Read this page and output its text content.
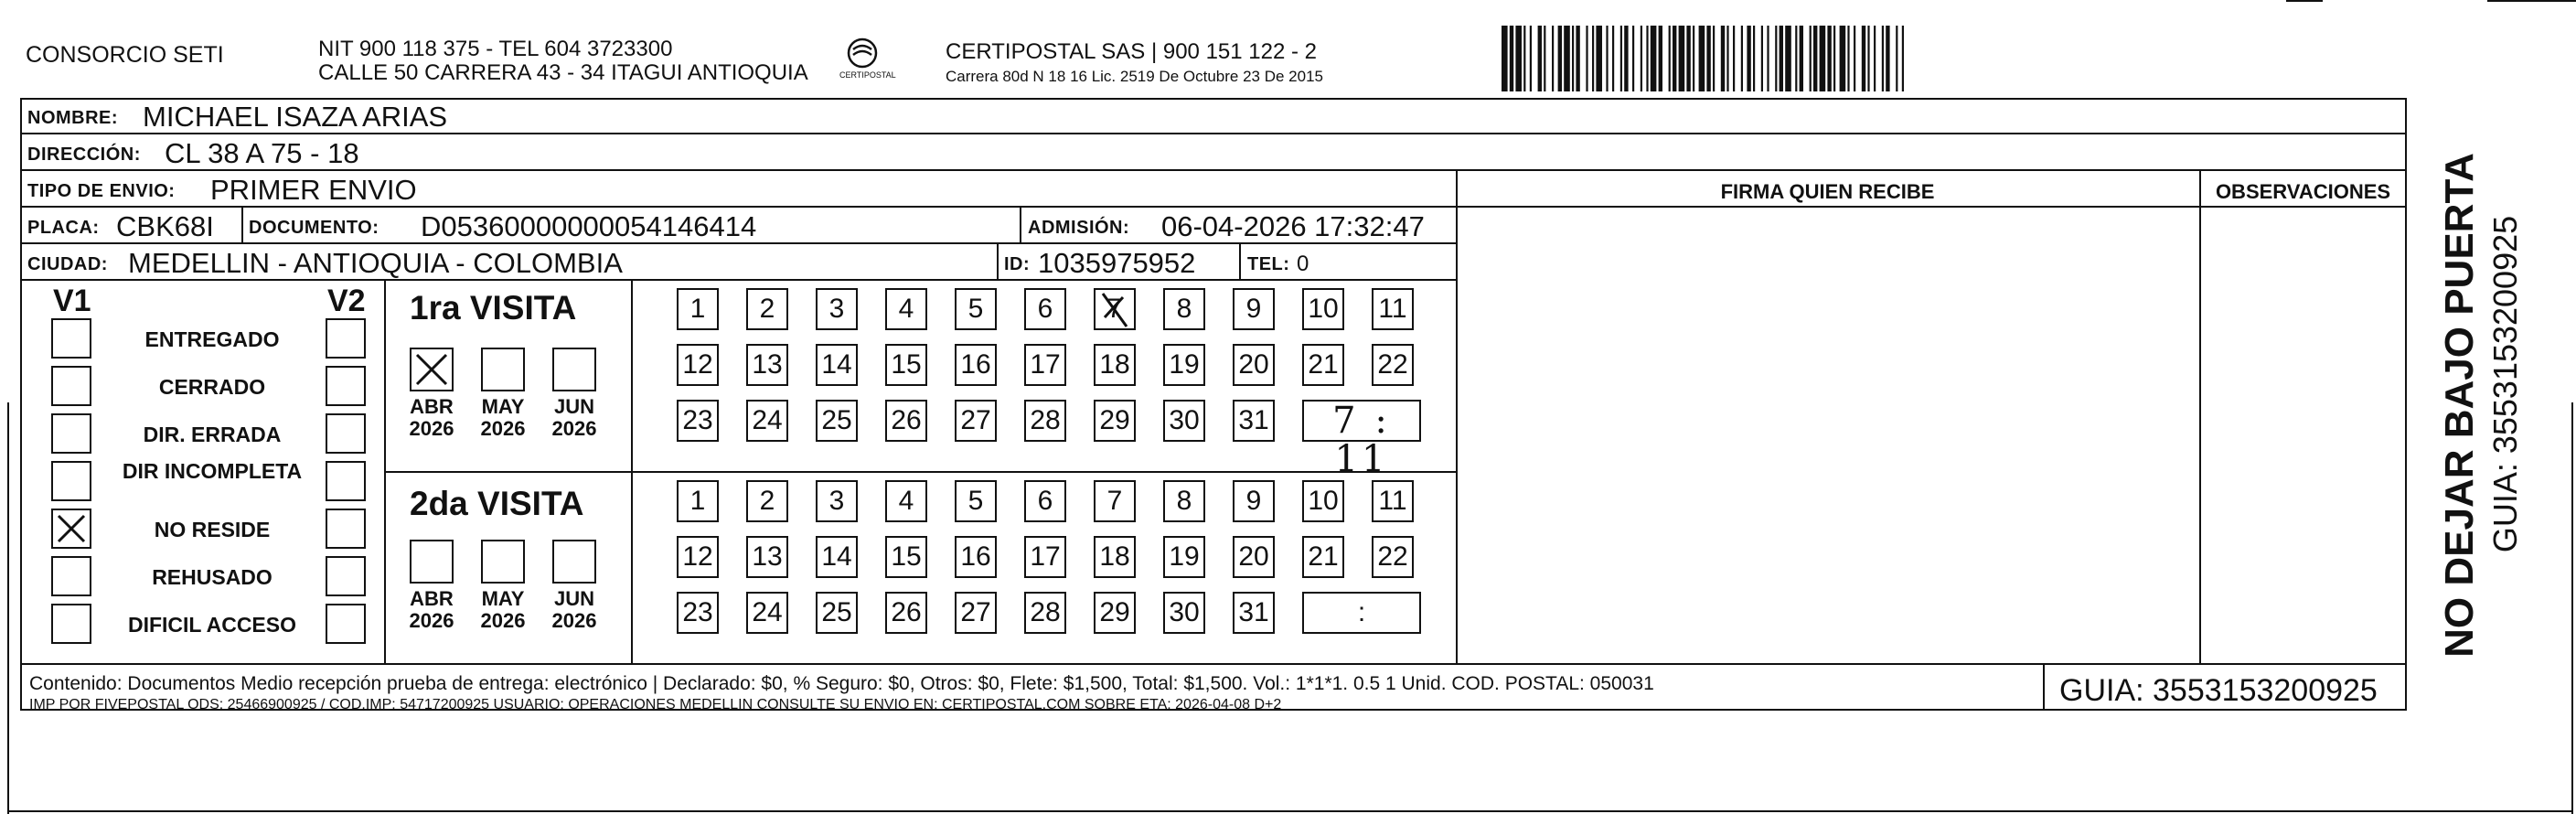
CONSORCIO SETI	NIT 900 118 375 - TEL 604 3723300
CALLE 50 CARRERA 43 - 34 ITAGUI ANTIOQUIA	CERTIPOSTAL
CERTIPOSTAL SAS | 900 151 122 - 2
Carrera 80d N 18 16 Lic. 2519 De Octubre 23 De 2015
NOMBRE: MICHAEL ISAZA ARIAS
DIRECCIÓN: CL 38 A 75 - 18
TIPO DE ENVIO: PRIMER ENVIO	FIRMA QUIEN RECIBE	OBSERVACIONES
PLACA: CBK68I DOCUMENTO: D05360000000054146414	ADMISIÓN: 06-04-2026 17:32:47
CIUDAD: MEDELLIN - ANTIOQUIA - COLOMBIA	ID: 1035975952	TEL: 0
V1	V2
ENTREGADO
CERRADO
DIR. ERRADA
DIR INCOMPLETA
NO RESIDE
REHUSADO
DIFICIL ACCESO
1ra VISITA
ABR
2026
MAY
2026
JUN
2026
1	2	3	4	5	6	7	8	9	10 11
12 13 14 15 16 17 18 19 20 21 22
23 24 25 26 27 28 29 30 31	7 : 11
2da VISITA
ABR
2026
MAY
2026
JUN
2026
1	2	3	4	5	6	7	8	9	10 11
12 13 14 15 16 17 18 19 20 21 22
23 24 25 26 27 28 29 30 31	:
Contenido: Documentos Medio recepción prueba de entrega: electrónico | Declarado: $0, % Seguro: $0, Otros: $0, Flete: $1,500, Total: $1,500. Vol.: 1*1*1. 0.5 1 Unid. COD. POSTAL: 050031
IMP POR FIVEPOSTAL ODS: 25466900925 / COD.IMP: 54717200925 USUARIO: OPERACIONES MEDELLIN CONSULTE SU ENVIO EN: CERTIPOSTAL.COM SOBRE ETA: 2026-04-08 D+2	GUIA: 3553153200925
NO DEJAR BAJO PUERTA GUIA: 3553153200925
